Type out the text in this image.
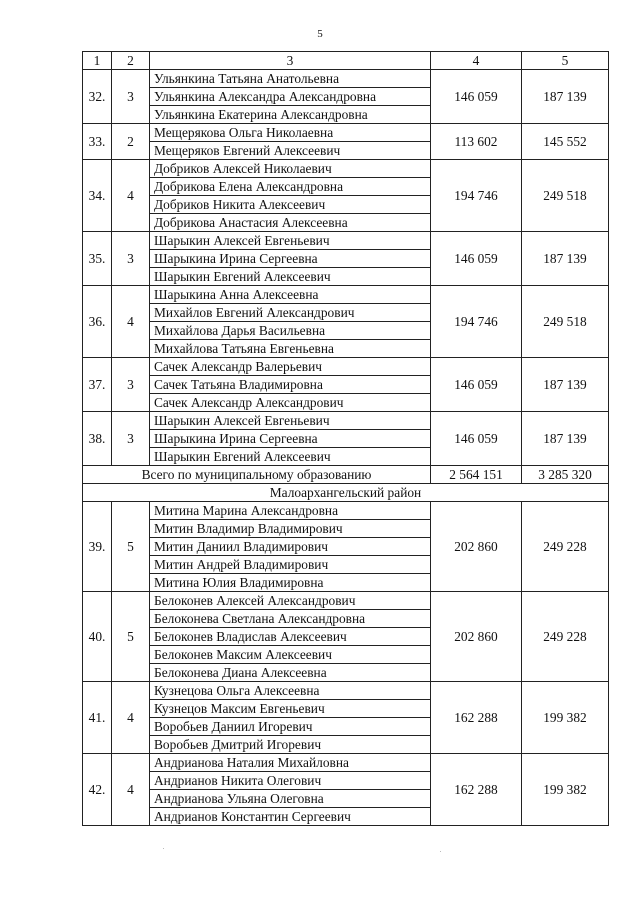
5
1	2	3	4	5
32.	3	Ульянкина Татьяна Анатольевна	146 059	187 139
		Ульянкина Александра Александровна		
		Ульянкина Екатерина Александровна		
33.	2	Мещерякова Ольга Николаевна	113 602	145 552
		Мещеряков Евгений Алексеевич		
34.	4	Добриков Алексей Николаевич	194 746	249 518
		Добрикова Елена Александровна		
		Добриков Никита Алексеевич		
		Добрикова Анастасия Алексеевна		
35.	3	Шарыкин Алексей Евгеньевич	146 059	187 139
		Шарыкина Ирина Сергеевна		
		Шарыкин Евгений Алексеевич		
36.	4	Шарыкина Анна Алексеевна	194 746	249 518
		Михайлов Евгений Александрович		
		Михайлова Дарья Васильевна		
		Михайлова Татьяна Евгеньевна		
37.	3	Сачек Александр Валерьевич	146 059	187 139
		Сачек Татьяна Владимировна		
		Сачек Александр Александрович		
38.	3	Шарыкин Алексей Евгеньевич	146 059	187 139
		Шарыкина Ирина Сергеевна		
		Шарыкин Евгений Алексеевич		
Всего по муниципальному образованию			2 564 151	3 285 320
Малоархангельский район				
39.	5	Митина Марина Александровна	202 860	249 228
		Митин Владимир Владимирович		
		Митин Даниил Владимирович		
		Митин Андрей Владимирович		
		Митина Юлия Владимировна		
40.	5	Белоконев Алексей Александрович	202 860	249 228
		Белоконева Светлана Александровна		
		Белоконев Владислав Алексеевич		
		Белоконев Максим Алексеевич		
		Белоконева Диана Алексеевна		
41.	4	Кузнецова Ольга Алексеевна	162 288	199 382
		Кузнецов Максим Евгеньевич		
		Воробьев Даниил Игоревич		
		Воробьев Дмитрий Игоревич		
42.	4	Андрианова Наталия Михайловна	162 288	199 382
		Андрианов Никита Олегович		
		Андрианова Ульяна Олеговна		
		Андрианов Константин Сергеевич		
